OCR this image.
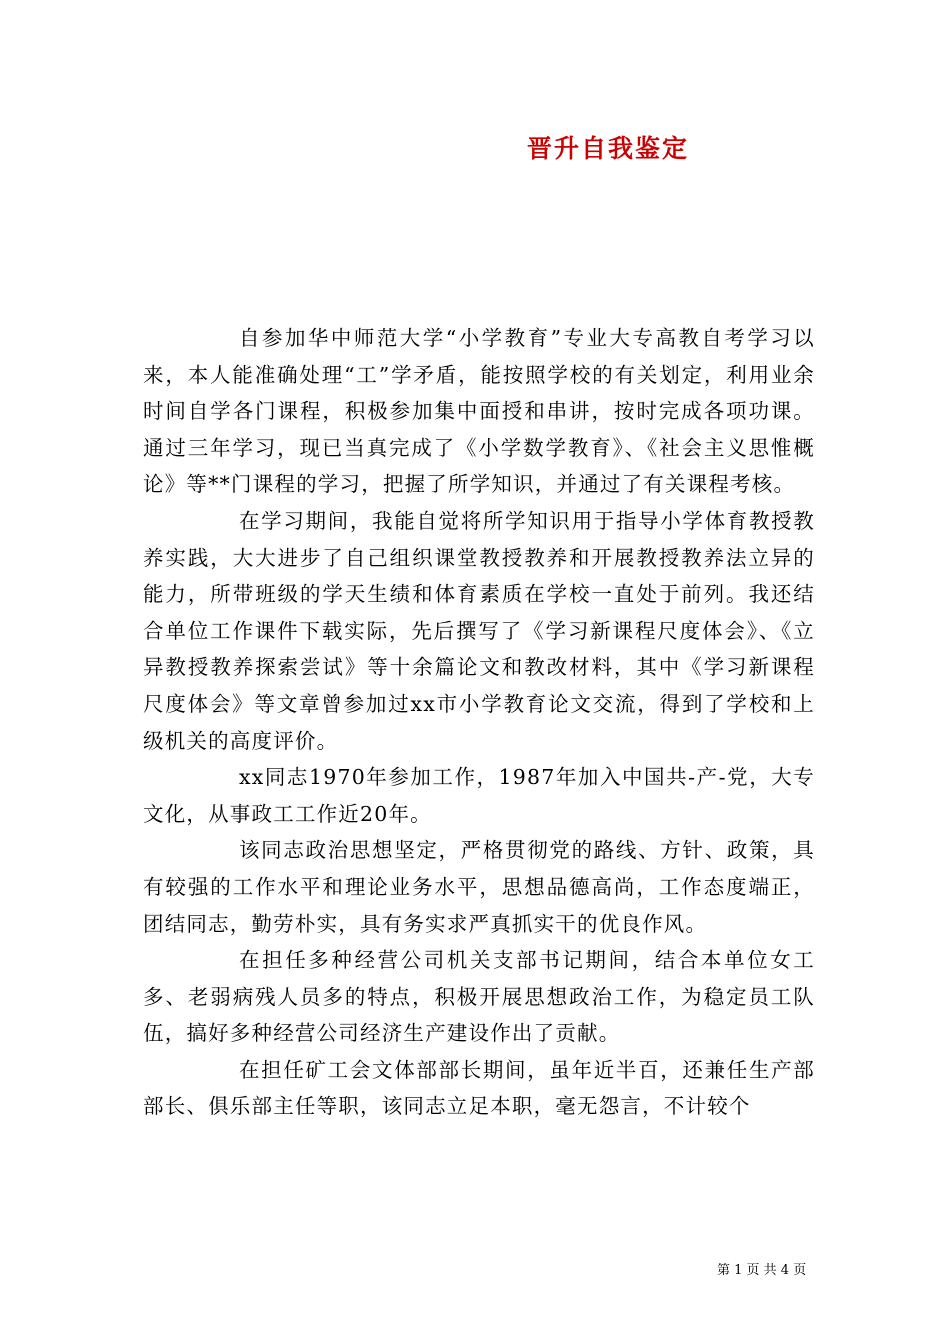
晋升自我鉴定

自参加华中师范大学“小学教育”专业大专高教自考学习以来，本人能准确处理“工”学矛盾，能按照学校的有关划定，利用业余时间自学各门课程，积极参加集中面授和串讲，按时完成各项功课。通过三年学习，现已当真完成了《小学数学教育》、《社会主义思惟概论》等**门课程的学习，把握了所学知识，并通过了有关课程考核。

在学习期间，我能自觉将所学知识用于指导小学体育教授教养实践，大大进步了自己组织课堂教授教养和开展教授教养法立异的能力，所带班级的学天生绩和体育素质在学校一直处于前列。我还结合单位工作课件下载实际，先后撰写了《学习新课程尺度体会》、《立异教授教养探索尝试》等十余篇论文和教改材料，其中《学习新课程尺度体会》等文章曾参加过xx市小学教育论文交流，得到了学校和上级机关的高度评价。

xx同志1970年参加工作，1987年加入中国共-产-党，大专文化，从事政工工作近20年。

该同志政治思想坚定，严格贯彻党的路线、方针、政策，具有较强的工作水平和理论业务水平，思想品德高尚，工作态度端正，团结同志，勤劳朴实，具有务实求严真抓实干的优良作风。

在担任多种经营公司机关支部书记期间，结合本单位女工多、老弱病残人员多的特点，积极开展思想政治工作，为稳定员工队伍，搞好多种经营公司经济生产建设作出了贡献。

在担任矿工会文体部部长期间，虽年近半百，还兼任生产部部长、俱乐部主任等职，该同志立足本职，毫无怨言，不计较个

第 1 页 共 4 页
